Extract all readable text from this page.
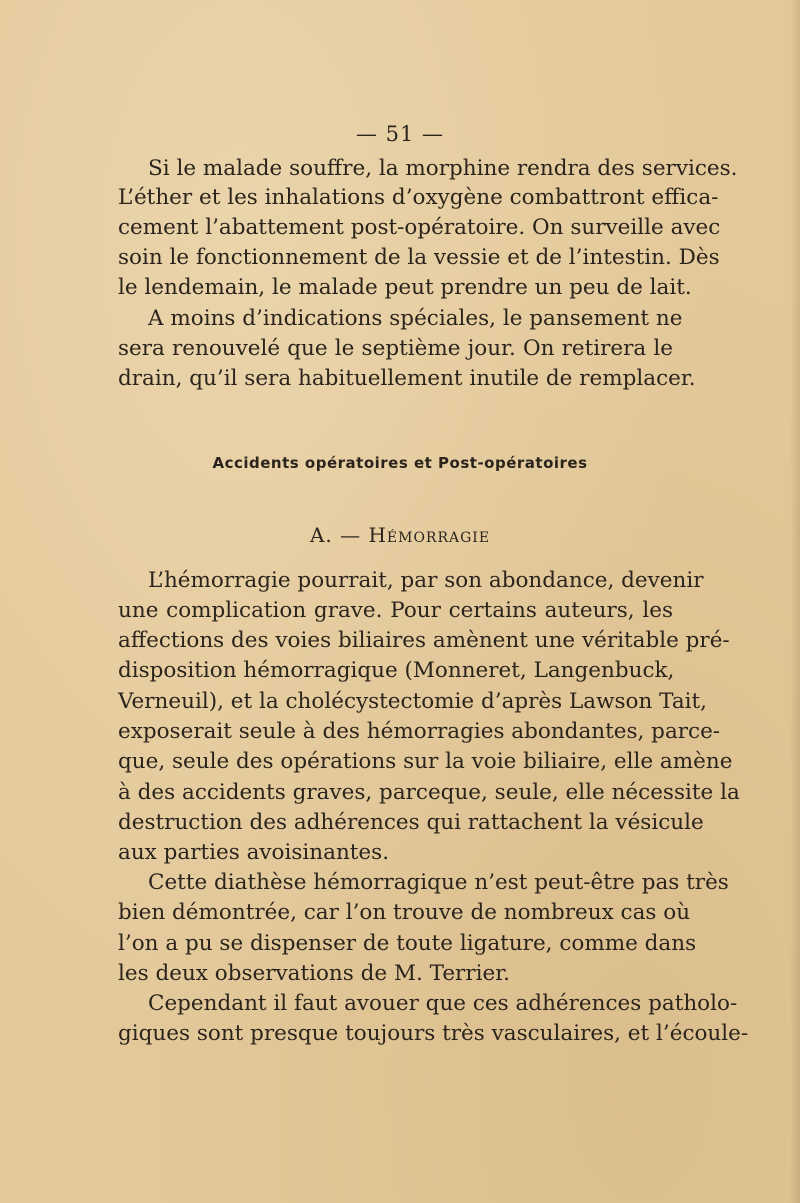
— 51 —
Si le malade souffre, la morphine rendra des services.
L’éther et les inhalations d’oxygène combattront effica-
cement l’abattement post-opératoire. On surveille avec
soin le fonctionnement de la vessie et de l’intestin. Dès
le lendemain, le malade peut prendre un peu de lait.
A moins d’indications spéciales, le pansement ne
sera renouvelé que le septième jour. On retirera le
drain, qu’il sera habituellement inutile de remplacer.
Accidents opératoires et Post-opératoires
A. — Hémorragie
L’hémorragie pourrait, par son abondance, devenir
une complication grave. Pour certains auteurs, les
affections des voies biliaires amènent une véritable pré-
disposition hémorragique (Monneret, Langenbuck,
Verneuil), et la cholécystectomie d’après Lawson Tait,
exposerait seule à des hémorragies abondantes, parce-
que, seule des opérations sur la voie biliaire, elle amène
à des accidents graves, parceque, seule, elle nécessite la
destruction des adhérences qui rattachent la vésicule
aux parties avoisinantes.
Cette diathèse hémorragique n’est peut-être pas très
bien démontrée, car l’on trouve de nombreux cas où
l’on a pu se dispenser de toute ligature, comme dans
les deux observations de M. Terrier.
Cependant il faut avouer que ces adhérences patholo-
giques sont presque toujours très vasculaires, et l’écoule-
